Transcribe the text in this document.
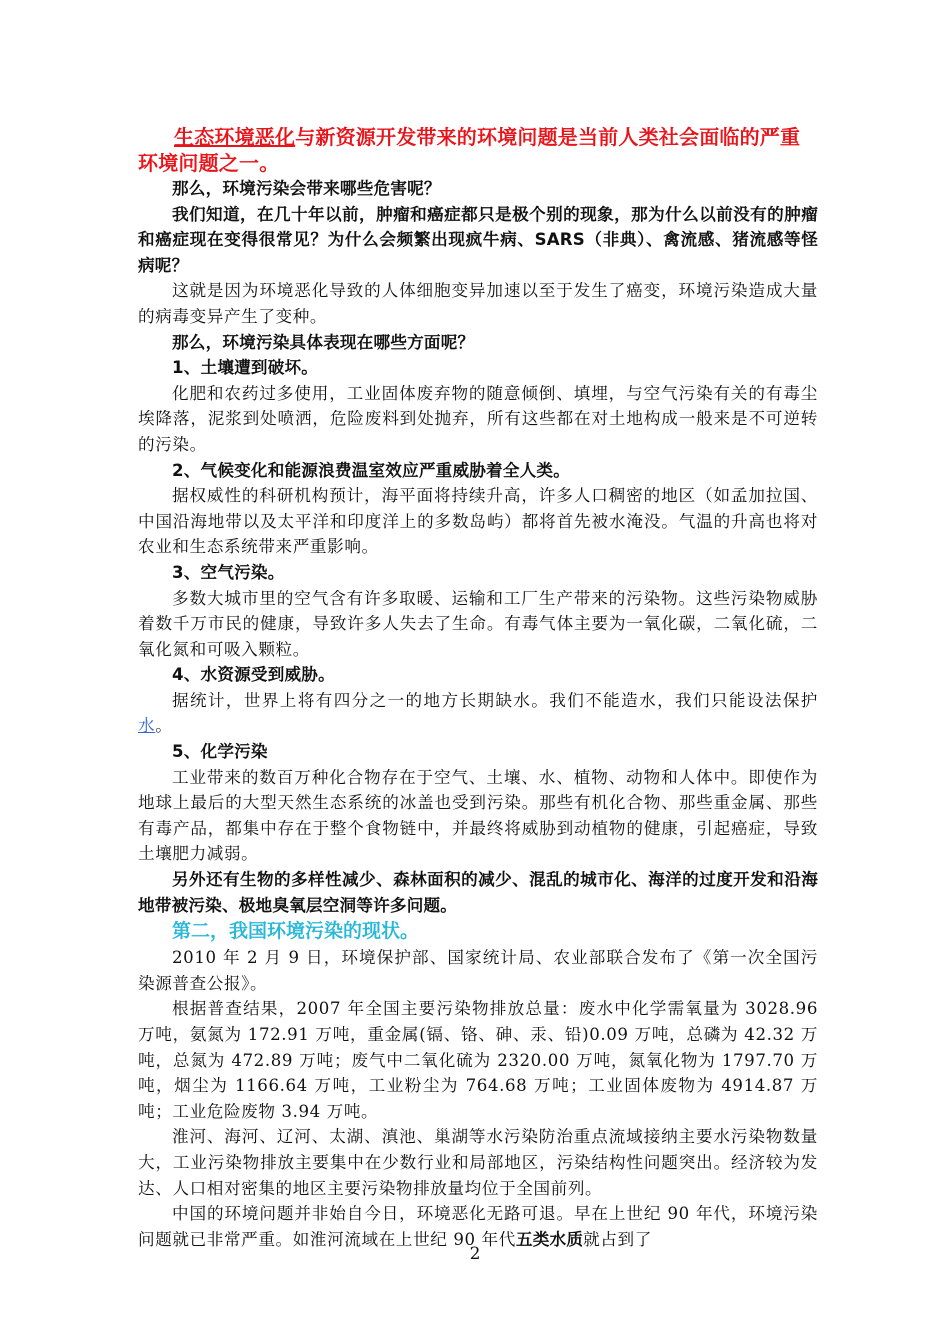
生态环境恶化与新资源开发带来的环境问题是当前人类社会面临的严重环境问题之一。

那么，环境污染会带来哪些危害呢？

我们知道，在几十年以前，肿瘤和癌症都只是极个别的现象，那为什么以前没有的肿瘤和癌症现在变得很常见？为什么会频繁出现疯牛病、SARS（非典）、禽流感、猪流感等怪病呢？

这就是因为环境恶化导致的人体细胞变异加速以至于发生了癌变，环境污染造成大量的病毒变异产生了变种。

那么，环境污染具体表现在哪些方面呢？

1、土壤遭到破坏。

化肥和农药过多使用，工业固体废弃物的随意倾倒、填埋，与空气污染有关的有毒尘埃降落，泥浆到处喷洒，危险废料到处抛弃，所有这些都在对土地构成一般来是不可逆转的污染。

2、气候变化和能源浪费温室效应严重威胁着全人类。

据权威性的科研机构预计，海平面将持续升高，许多人口稠密的地区（如孟加拉国、中国沿海地带以及太平洋和印度洋上的多数岛屿）都将首先被水淹没。气温的升高也将对农业和生态系统带来严重影响。

3、空气污染。

多数大城市里的空气含有许多取暖、运输和工厂生产带来的污染物。这些污染物威胁着数千万市民的健康，导致许多人失去了生命。有毒气体主要为一氧化碳，二氧化硫，二氧化氮和可吸入颗粒。

4、水资源受到威胁。

据统计，世界上将有四分之一的地方长期缺水。我们不能造水，我们只能设法保护水。

5、化学污染

工业带来的数百万种化合物存在于空气、土壤、水、植物、动物和人体中。即使作为地球上最后的大型天然生态系统的冰盖也受到污染。那些有机化合物、那些重金属、那些有毒产品，都集中存在于整个食物链中，并最终将威胁到动植物的健康，引起癌症，导致土壤肥力减弱。

另外还有生物的多样性减少、森林面积的减少、混乱的城市化、海洋的过度开发和沿海地带被污染、极地臭氧层空洞等许多问题。

第二，我国环境污染的现状。

2010 年 2 月 9 日，环境保护部、国家统计局、农业部联合发布了《第一次全国污染源普查公报》。

根据普查结果，2007 年全国主要污染物排放总量：废水中化学需氧量为 3028.96 万吨，氨氮为 172.91 万吨，重金属(镉、铬、砷、汞、铅)0.09 万吨，总磷为 42.32 万吨，总氮为 472.89 万吨；废气中二氧化硫为 2320.00 万吨，氮氧化物为 1797.70 万吨，烟尘为 1166.64 万吨，工业粉尘为 764.68 万吨；工业固体废物为 4914.87 万吨；工业危险废物 3.94 万吨。

淮河、海河、辽河、太湖、滇池、巢湖等水污染防治重点流域接纳主要水污染物数量大，工业污染物排放主要集中在少数行业和局部地区，污染结构性问题突出。经济较为发达、人口相对密集的地区主要污染物排放量均位于全国前列。

中国的环境问题并非始自今日，环境恶化无路可退。早在上世纪 90 年代，环境污染问题就已非常严重。如淮河流域在上世纪 90 年代五类水质就占到了

2
